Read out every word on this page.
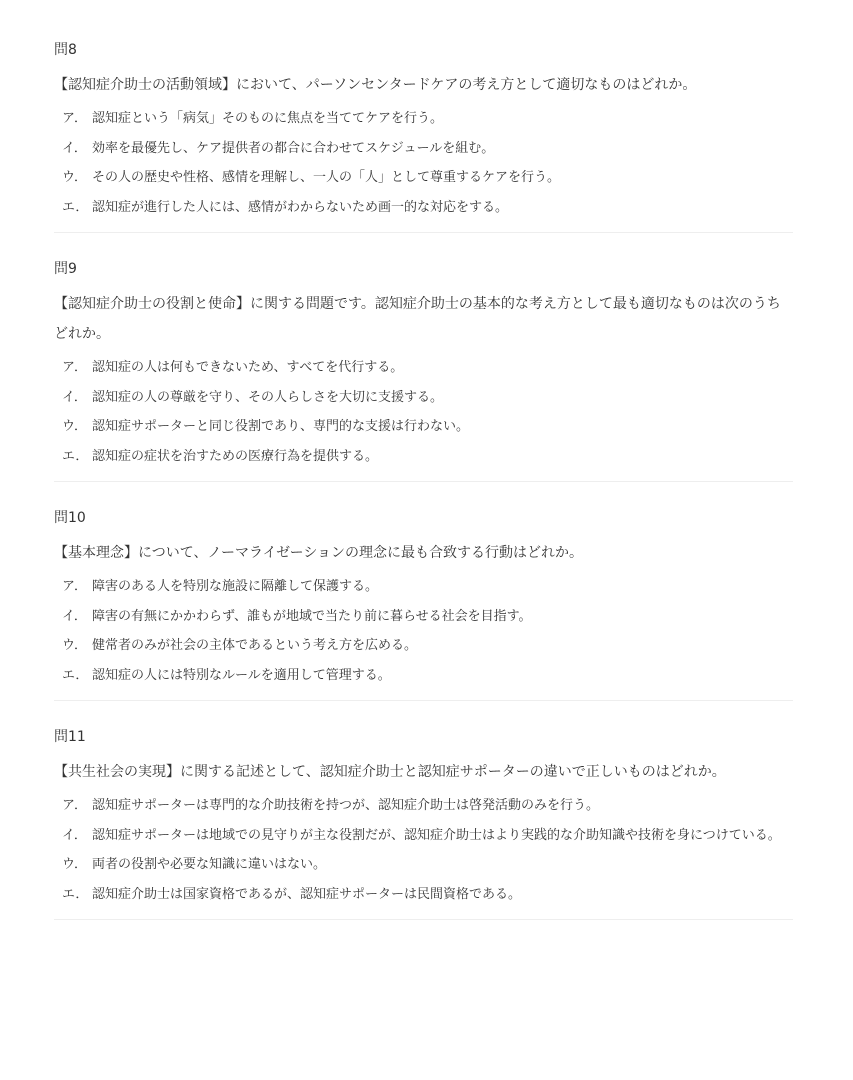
問8

【認知症介助士の活動領域】において、パーソンセンタードケアの考え方として適切なものはどれか。

ア． 認知症という「病気」そのものに焦点を当ててケアを行う。
イ． 効率を最優先し、ケア提供者の都合に合わせてスケジュールを組む。
ウ． その人の歴史や性格、感情を理解し、一人の「人」として尊重するケアを行う。
エ． 認知症が進行した人には、感情がわからないため画一的な対応をする。

問9

【認知症介助士の役割と使命】に関する問題です。認知症介助士の基本的な考え方として最も適切なものは次のうちどれか。

ア． 認知症の人は何もできないため、すべてを代行する。
イ． 認知症の人の尊厳を守り、その人らしさを大切に支援する。
ウ． 認知症サポーターと同じ役割であり、専門的な支援は行わない。
エ． 認知症の症状を治すための医療行為を提供する。

問10

【基本理念】について、ノーマライゼーションの理念に最も合致する行動はどれか。

ア． 障害のある人を特別な施設に隔離して保護する。
イ． 障害の有無にかかわらず、誰もが地域で当たり前に暮らせる社会を目指す。
ウ． 健常者のみが社会の主体であるという考え方を広める。
エ． 認知症の人には特別なルールを適用して管理する。

問11

【共生社会の実現】に関する記述として、認知症介助士と認知症サポーターの違いで正しいものはどれか。

ア． 認知症サポーターは専門的な介助技術を持つが、認知症介助士は啓発活動のみを行う。
イ． 認知症サポーターは地域での見守りが主な役割だが、認知症介助士はより実践的な介助知識や技術を身につけている。
ウ． 両者の役割や必要な知識に違いはない。
エ． 認知症介助士は国家資格であるが、認知症サポーターは民間資格である。
